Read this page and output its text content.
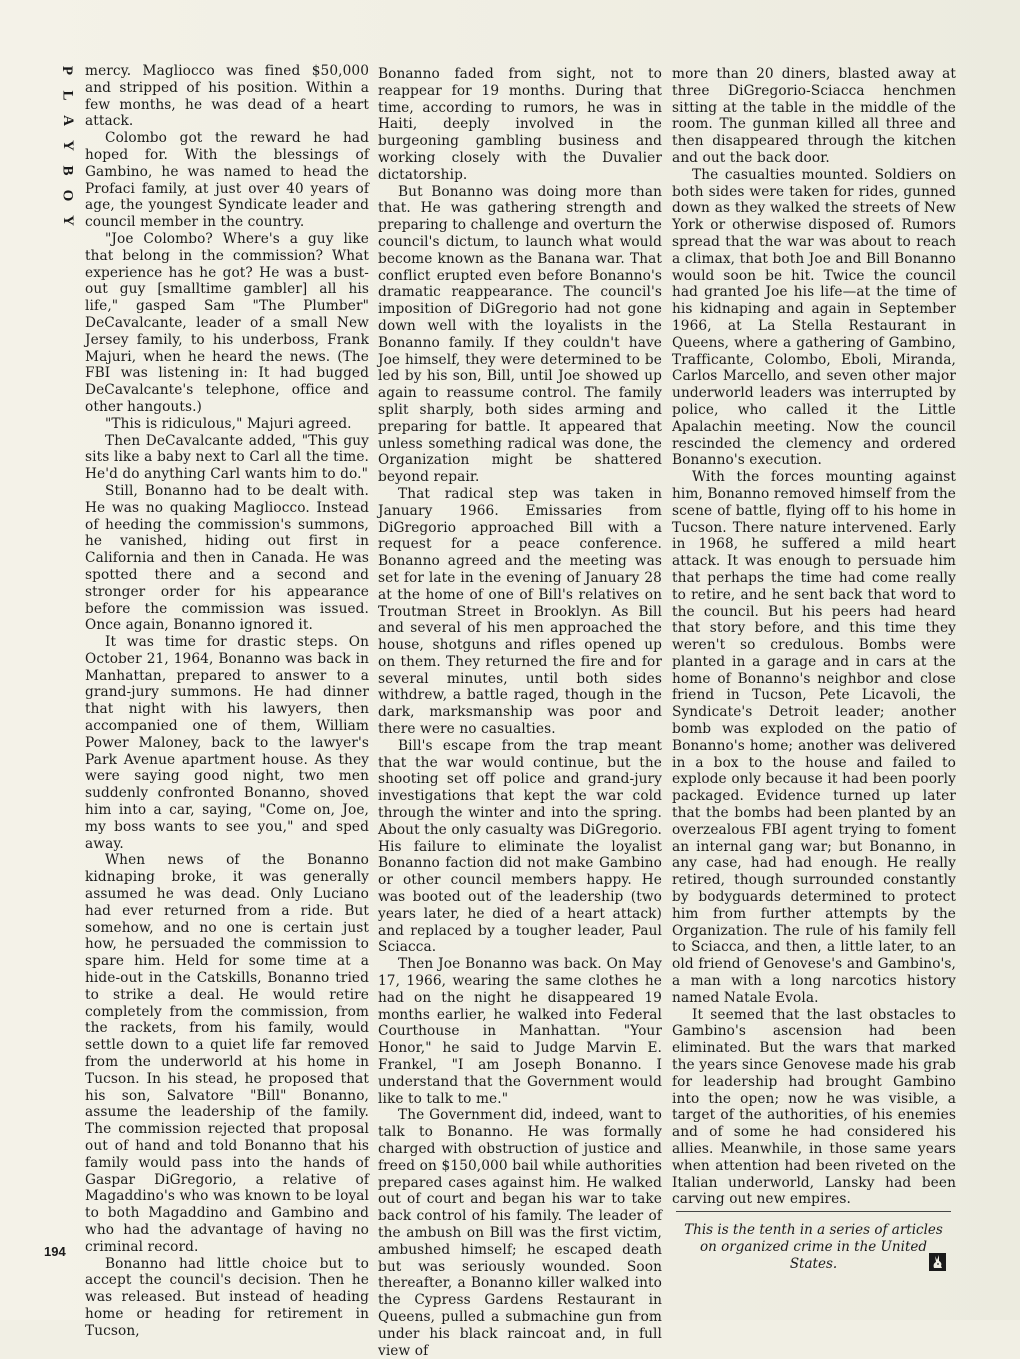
P
L
A
Y
B
O
Y

mercy. Magliocco was fined $50,000 and stripped of his position. Within a few months, he was dead of a heart attack.

Colombo got the reward he had hoped for. With the blessings of Gambino, he was named to head the Profaci family, at just over 40 years of age, the youngest Syndicate leader and council member in the country.

"Joe Colombo? Where's a guy like that belong in the commission? What experience has he got? He was a bust-out guy [smalltime gambler] all his life," gasped Sam "The Plumber" DeCavalcante, leader of a small New Jersey family, to his underboss, Frank Majuri, when he heard the news. (The FBI was listening in: It had bugged DeCavalcante's telephone, office and other hangouts.)

"This is ridiculous," Majuri agreed.

Then DeCavalcante added, "This guy sits like a baby next to Carl all the time. He'd do anything Carl wants him to do."

Still, Bonanno had to be dealt with. He was no quaking Magliocco. Instead of heeding the commission's summons, he vanished, hiding out first in California and then in Canada. He was spotted there and a second and stronger order for his appearance before the commission was issued. Once again, Bonanno ignored it.

It was time for drastic steps. On October 21, 1964, Bonanno was back in Manhattan, prepared to answer to a grand-jury summons. He had dinner that night with his lawyers, then accompanied one of them, William Power Maloney, back to the lawyer's Park Avenue apartment house. As they were saying good night, two men suddenly confronted Bonanno, shoved him into a car, saying, "Come on, Joe, my boss wants to see you," and sped away.

When news of the Bonanno kidnaping broke, it was generally assumed he was dead. Only Luciano had ever returned from a ride. But somehow, and no one is certain just how, he persuaded the commission to spare him. Held for some time at a hide-out in the Catskills, Bonanno tried to strike a deal. He would retire completely from the commission, from the rackets, from his family, would settle down to a quiet life far removed from the underworld at his home in Tucson. In his stead, he proposed that his son, Salvatore "Bill" Bonanno, assume the leadership of the family. The commission rejected that proposal out of hand and told Bonanno that his family would pass into the hands of Gaspar DiGregorio, a relative of Magaddino's who was known to be loyal to both Magaddino and Gambino and who had the advantage of having no criminal record.

Bonanno had little choice but to accept the council's decision. Then he was released. But instead of heading home or heading for retirement in Tucson,

Bonanno faded from sight, not to reappear for 19 months. During that time, according to rumors, he was in Haiti, deeply involved in the burgeoning gambling business and working closely with the Duvalier dictatorship.

But Bonanno was doing more than that. He was gathering strength and preparing to challenge and overturn the council's dictum, to launch what would become known as the Banana war. That conflict erupted even before Bonanno's dramatic reappearance. The council's imposition of DiGregorio had not gone down well with the loyalists in the Bonanno family. If they couldn't have Joe himself, they were determined to be led by his son, Bill, until Joe showed up again to reassume control. The family split sharply, both sides arming and preparing for battle. It appeared that unless something radical was done, the Organization might be shattered beyond repair.

That radical step was taken in January 1966. Emissaries from DiGregorio approached Bill with a request for a peace conference. Bonanno agreed and the meeting was set for late in the evening of January 28 at the home of one of Bill's relatives on Troutman Street in Brooklyn. As Bill and several of his men approached the house, shotguns and rifles opened up on them. They returned the fire and for several minutes, until both sides withdrew, a battle raged, though in the dark, marksmanship was poor and there were no casualties.

Bill's escape from the trap meant that the war would continue, but the shooting set off police and grand-jury investigations that kept the war cold through the winter and into the spring. About the only casualty was DiGregorio. His failure to eliminate the loyalist Bonanno faction did not make Gambino or other council members happy. He was booted out of the leadership (two years later, he died of a heart attack) and replaced by a tougher leader, Paul Sciacca.

Then Joe Bonanno was back. On May 17, 1966, wearing the same clothes he had on the night he disappeared 19 months earlier, he walked into Federal Courthouse in Manhattan. "Your Honor," he said to Judge Marvin E. Frankel, "I am Joseph Bonanno. I understand that the Government would like to talk to me."

The Government did, indeed, want to talk to Bonanno. He was formally charged with obstruction of justice and freed on $150,000 bail while authorities prepared cases against him. He walked out of court and began his war to take back control of his family. The leader of the ambush on Bill was the first victim, ambushed himself; he escaped death but was seriously wounded. Soon thereafter, a Bonanno killer walked into the Cypress Gardens Restaurant in Queens, pulled a submachine gun from under his black raincoat and, in full view of

more than 20 diners, blasted away at three DiGregorio-Sciacca henchmen sitting at the table in the middle of the room. The gunman killed all three and then disappeared through the kitchen and out the back door.

The casualties mounted. Soldiers on both sides were taken for rides, gunned down as they walked the streets of New York or otherwise disposed of. Rumors spread that the war was about to reach a climax, that both Joe and Bill Bonanno would soon be hit. Twice the council had granted Joe his life—at the time of his kidnaping and again in September 1966, at La Stella Restaurant in Queens, where a gathering of Gambino, Trafficante, Colombo, Eboli, Miranda, Carlos Marcello, and seven other major underworld leaders was interrupted by police, who called it the Little Apalachin meeting. Now the council rescinded the clemency and ordered Bonanno's execution.

With the forces mounting against him, Bonanno removed himself from the scene of battle, flying off to his home in Tucson. There nature intervened. Early in 1968, he suffered a mild heart attack. It was enough to persuade him that perhaps the time had come really to retire, and he sent back that word to the council. But his peers had heard that story before, and this time they weren't so credulous. Bombs were planted in a garage and in cars at the home of Bonanno's neighbor and close friend in Tucson, Pete Licavoli, the Syndicate's Detroit leader; another bomb was exploded on the patio of Bonanno's home; another was delivered in a box to the house and failed to explode only because it had been poorly packaged. Evidence turned up later that the bombs had been planted by an overzealous FBI agent trying to foment an internal gang war; but Bonanno, in any case, had had enough. He really retired, though surrounded constantly by bodyguards determined to protect him from further attempts by the Organization. The rule of his family fell to Sciacca, and then, a little later, to an old friend of Genovese's and Gambino's, a man with a long narcotics history named Natale Evola.

It seemed that the last obstacles to Gambino's ascension had been eliminated. But the wars that marked the years since Genovese made his grab for leadership had brought Gambino into the open; now he was visible, a target of the authorities, of his enemies and of some he had considered his allies. Meanwhile, in those same years when attention had been riveted on the Italian underworld, Lansky had been carving out new empires.

This is the tenth in a series of articles on organized crime in the United States.
194
